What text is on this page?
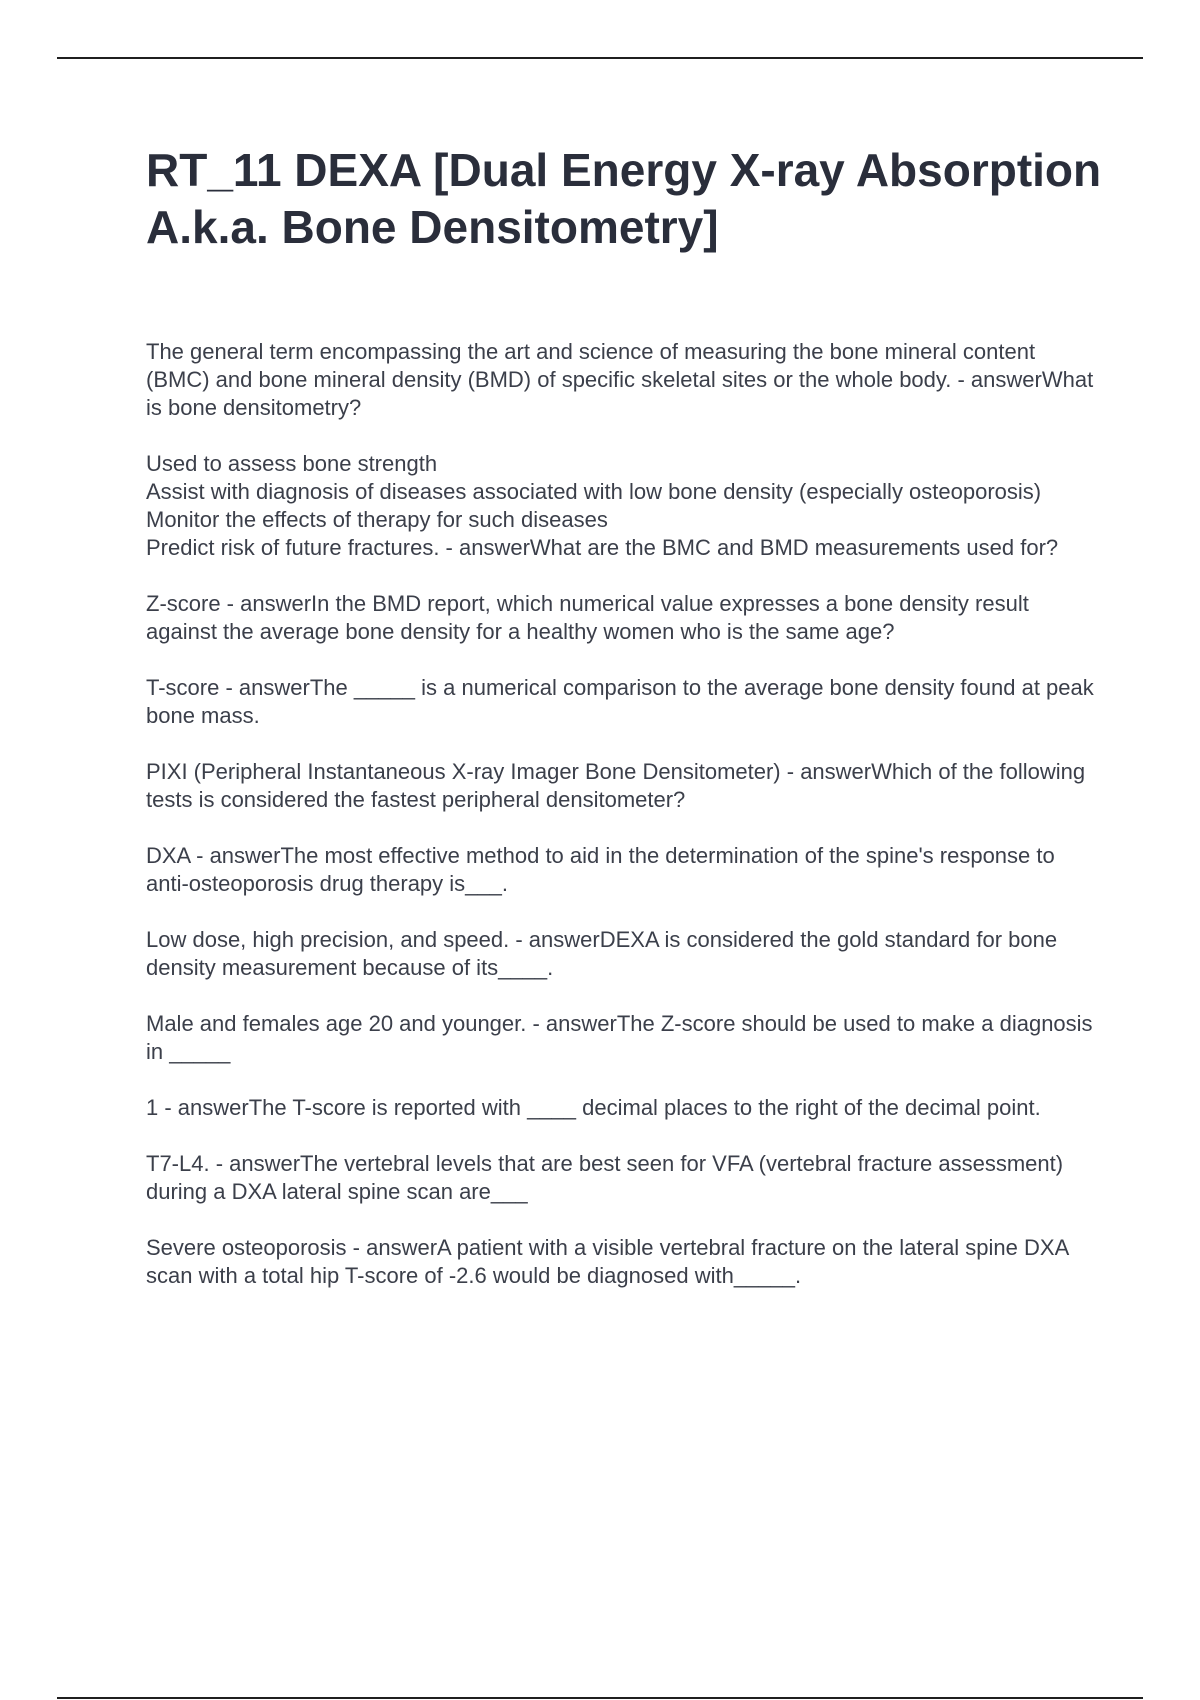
RT_11 DEXA [Dual Energy X-ray Absorption A.k.a. Bone Densitometry]
The general term encompassing the art and science of measuring the bone mineral content (BMC) and bone mineral density (BMD) of specific skeletal sites or the whole body. - answerWhat is bone densitometry?
Used to assess bone strength
Assist with diagnosis of diseases associated with low bone density (especially osteoporosis)
Monitor the effects of therapy for such diseases
Predict risk of future fractures. - answerWhat are the BMC and BMD measurements used for?
Z-score - answerIn the BMD report, which numerical value expresses a bone density result against the average bone density for a healthy women who is the same age?
T-score - answerThe _____ is a numerical comparison to the average bone density found at peak bone mass.
PIXI (Peripheral Instantaneous X-ray Imager Bone Densitometer) - answerWhich of the following tests is considered the fastest peripheral densitometer?
DXA - answerThe most effective method to aid in the determination of the spine's response to anti-osteoporosis drug therapy is___.
Low dose, high precision, and speed. - answerDEXA is considered the gold standard for bone density measurement because of its____.
Male and females age 20 and younger. - answerThe Z-score should be used to make a diagnosis in _____
1 - answerThe T-score is reported with ____ decimal places to the right of the decimal point.
T7-L4. - answerThe vertebral levels that are best seen for VFA (vertebral fracture assessment) during a DXA lateral spine scan are___
Severe osteoporosis - answerA patient with a visible vertebral fracture on the lateral spine DXA scan with a total hip T-score of -2.6 would be diagnosed with_____.
